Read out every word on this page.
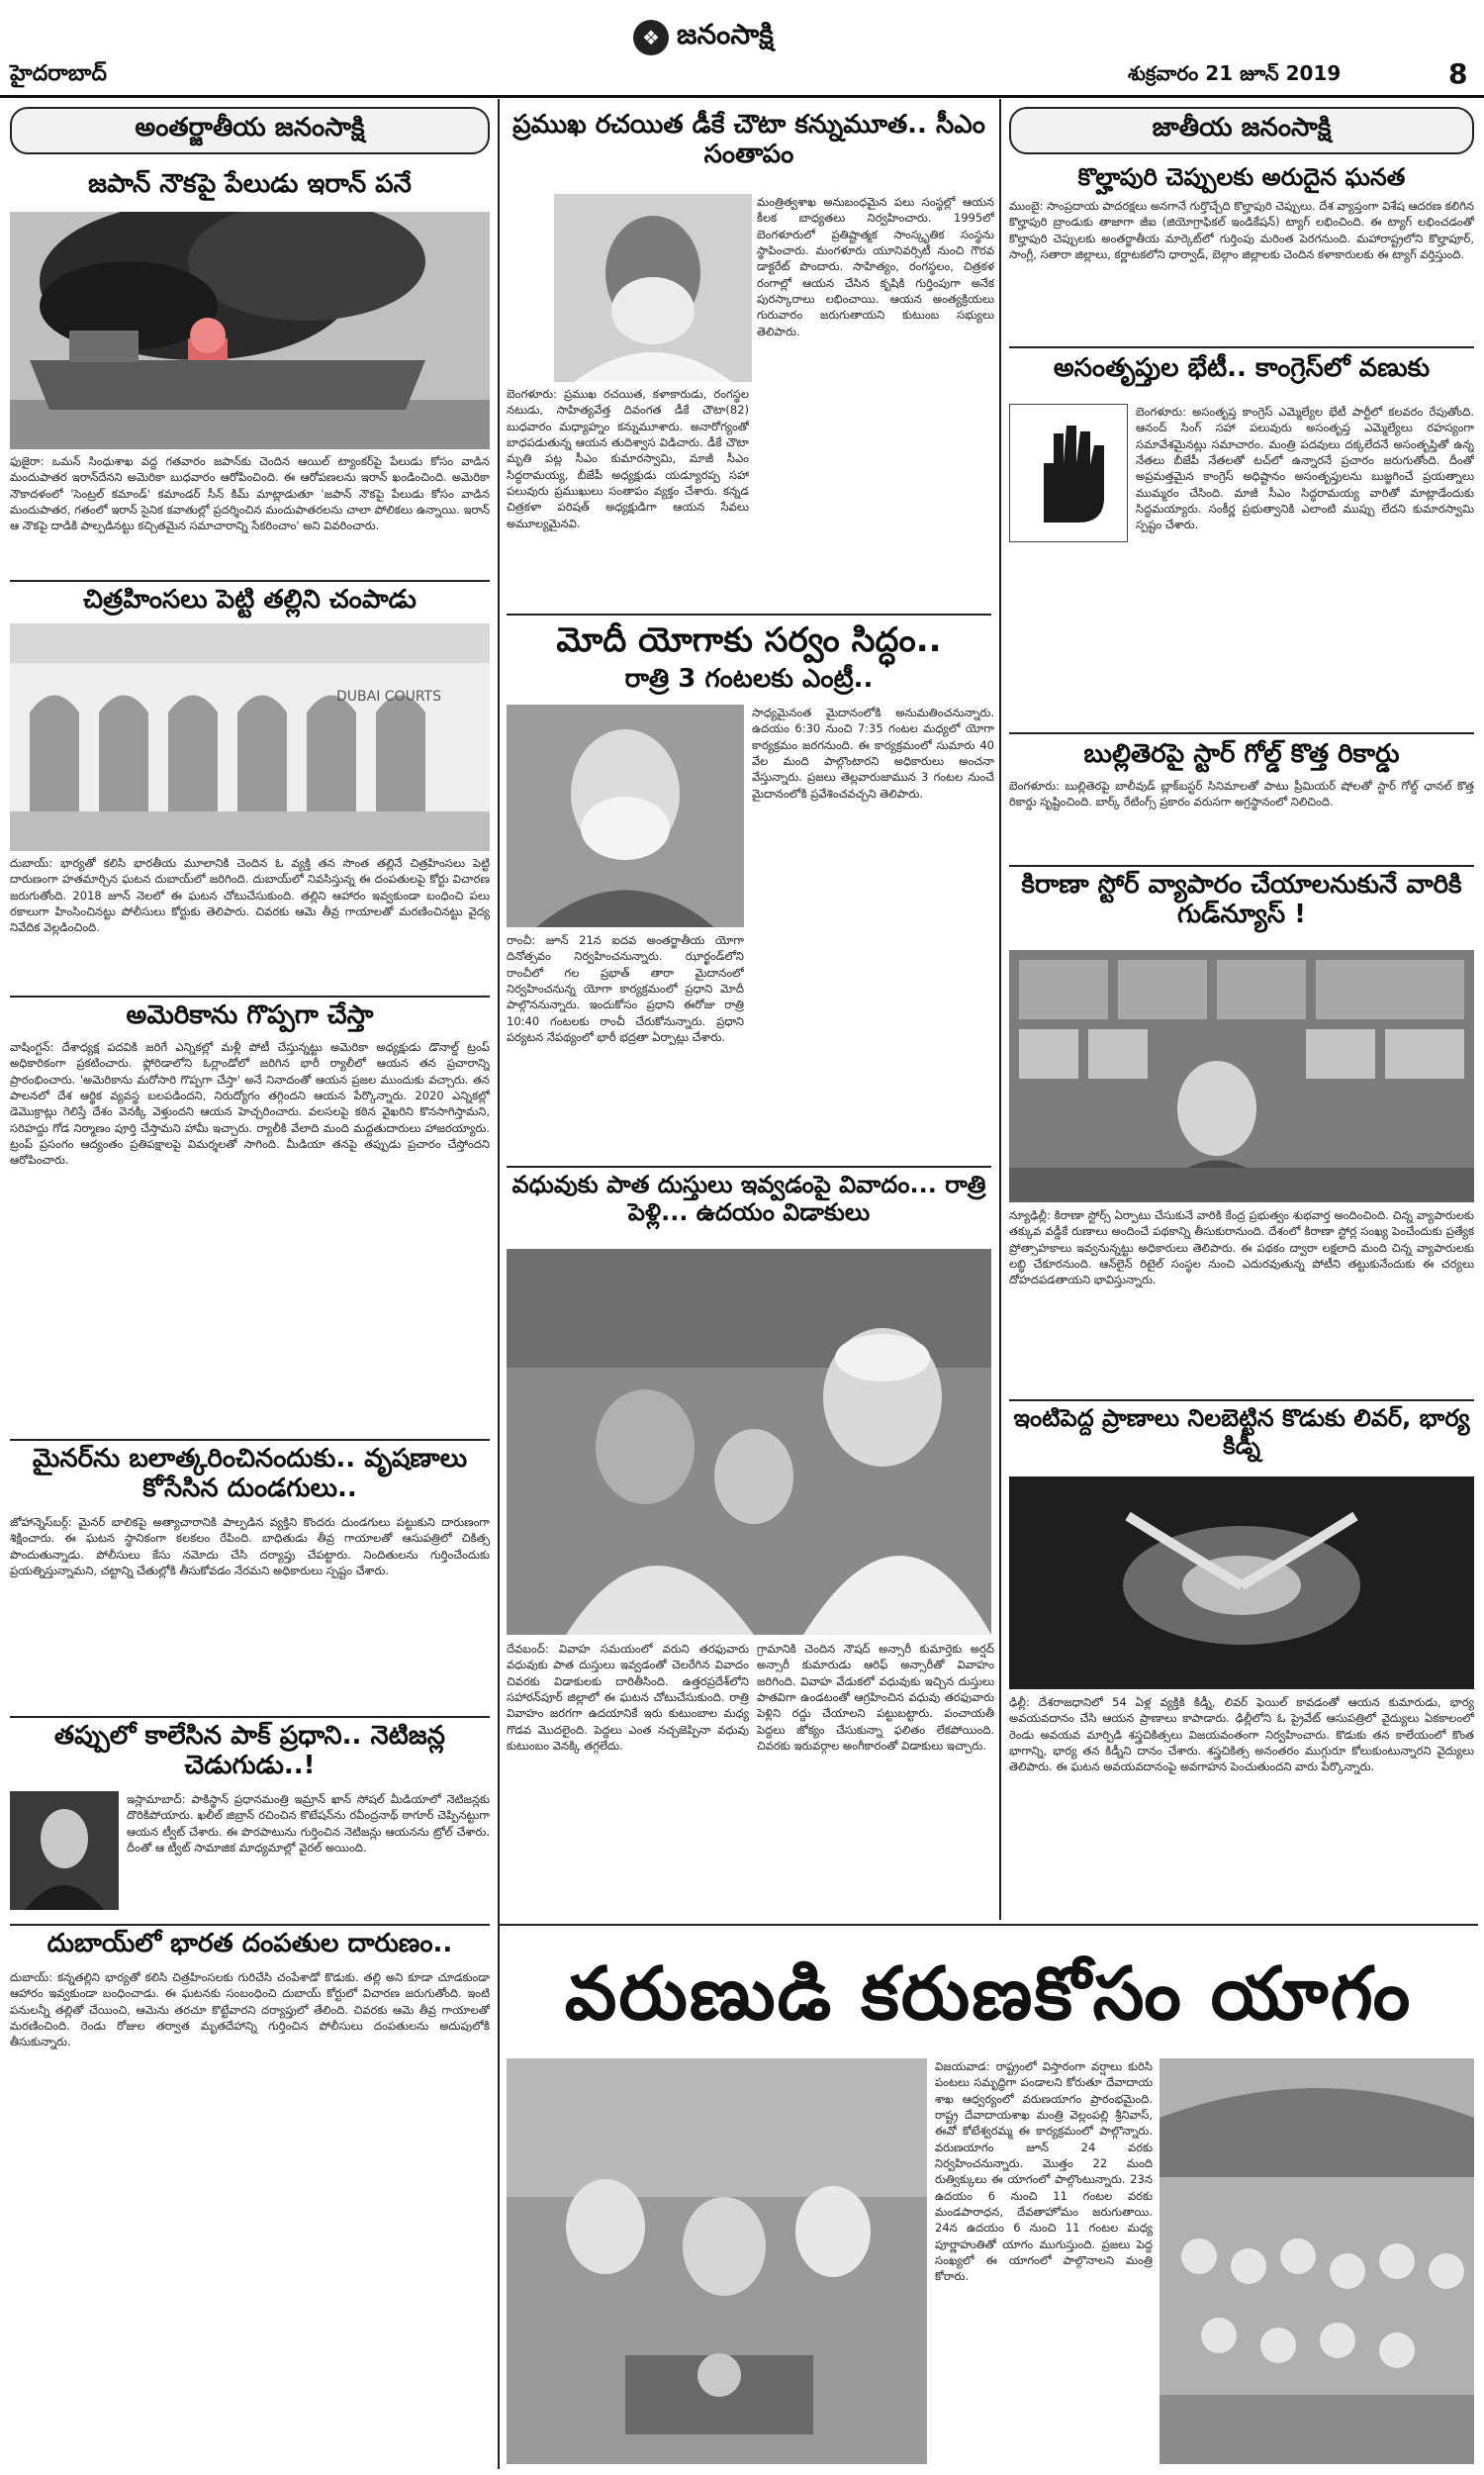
హైదరాబాద్
❖ జనంసాక్షి
శుక్రవారం 21 జూన్ 2019	8
అంతర్జాతీయ జనంసాక్షి
జపాన్ నౌకపై పేలుడు ఇరాన్ పనే
ఫుజైరా: ఒమన్ సింధుశాఖ వద్ద గతవారం జపాన్‌కు చెందిన ఆయిల్ ట్యాంకర్‌పై పేలుడు కోసం వాడిన మందుపాతర ఇరాన్‌దేనని అమెరికా బుధవారం ఆరోపించింది. ఈ ఆరోపణలను ఇరాన్ ఖండించింది. అమెరికా నౌకాదళంలో 'సెంట్రల్ కమాండ్' కమాండర్ సీన్ కిమ్ మాట్లాడుతూ 'జపాన్ నౌకపై పేలుడు కోసం వాడిన మందుపాతర, గతంలో ఇరాన్ సైనిక కవాతుల్లో ప్రదర్శించిన మందుపాతరలను చాలా పోలికలు ఉన్నాయి. ఇరాన్ ఆ నౌకపై దాడికి పాల్పడినట్టు కచ్చితమైన సమాచారాన్ని సేకరించాం' అని వివరించారు.
చిత్రహింసలు పెట్టి తల్లిని చంపాడు
DUBAI COURTS
దుబాయ్: భార్యతో కలిసి భారతీయ మూలానికి చెందిన ఓ వ్యక్తి తన సొంత తల్లినే చిత్రహింసలు పెట్టి దారుణంగా హతమార్చిన ఘటన దుబాయ్‌లో జరిగింది. దుబాయ్‌లో నివసిస్తున్న ఈ దంపతులపై కోర్టు విచారణ జరుగుతోంది. 2018 జూన్ నెలలో ఈ ఘటన చోటుచేసుకుంది. తల్లిని ఆహారం ఇవ్వకుండా బంధించి పలు రకాలుగా హింసించినట్టు పోలీసులు కోర్టుకు తెలిపారు. చివరకు ఆమె తీవ్ర గాయాలతో మరణించినట్టు వైద్య నివేదిక వెల్లడించింది.
అమెరికాను గొప్పగా చేస్తా
వాషింగ్టన్: దేశాధ్యక్ష పదవికి జరిగే ఎన్నికల్లో మళ్లీ పోటీ చేస్తున్నట్టు అమెరికా అధ్యక్షుడు డొనాల్డ్ ట్రంప్ అధికారికంగా ప్రకటించారు. ఫ్లోరిడాలోని ఓర్లాండోలో జరిగిన భారీ ర్యాలీలో ఆయన తన ప్రచారాన్ని ప్రారంభించారు. 'అమెరికాను మరోసారి గొప్పగా చేస్తా' అనే నినాదంతో ఆయన ప్రజల ముందుకు వచ్చారు. తన పాలనలో దేశ ఆర్థిక వ్యవస్థ బలపడిందని, నిరుద్యోగం తగ్గిందని ఆయన పేర్కొన్నారు. 2020 ఎన్నికల్లో డెమొక్రాట్లు గెలిస్తే దేశం వెనక్కి వెళ్తుందని ఆయన హెచ్చరించారు. వలసలపై కఠిన వైఖరిని కొనసాగిస్తామని, సరిహద్దు గోడ నిర్మాణం పూర్తి చేస్తామని హామీ ఇచ్చారు. ర్యాలీకి వేలాది మంది మద్దతుదారులు హాజరయ్యారు. ట్రంప్ ప్రసంగం ఆద్యంతం ప్రతిపక్షాలపై విమర్శలతో సాగింది. మీడియా తనపై తప్పుడు ప్రచారం చేస్తోందని ఆరోపించారు.
మైనర్‌ను బలాత్కరించినందుకు.. వృషణాలు కోసేసిన దుండగులు..
జోహాన్నెస్‌బర్గ్: మైనర్ బాలికపై అత్యాచారానికి పాల్పడిన వ్యక్తిని కొందరు దుండగులు పట్టుకుని దారుణంగా శిక్షించారు. ఈ ఘటన స్థానికంగా కలకలం రేపింది. బాధితుడు తీవ్ర గాయాలతో ఆసుపత్రిలో చికిత్స పొందుతున్నాడు. పోలీసులు కేసు నమోదు చేసి దర్యాప్తు చేపట్టారు. నిందితులను గుర్తించేందుకు ప్రయత్నిస్తున్నామని, చట్టాన్ని చేతుల్లోకి తీసుకోవడం నేరమని అధికారులు స్పష్టం చేశారు.
తప్పులో కాలేసిన పాక్ ప్రధాని.. నెటిజన్ల చెడుగుడు..!
ఇస్లామాబాద్: పాకిస్థాన్ ప్రధానమంత్రి ఇమ్రాన్ ఖాన్ సోషల్ మీడియాలో నెటిజన్లకు దొరికిపోయారు. ఖలీల్ జిబ్రాన్ రచించిన కొటేషన్‌ను రవీంద్రనాథ్ ఠాగూర్ చెప్పినట్టుగా ఆయన ట్వీట్ చేశారు. ఈ పొరపాటును గుర్తించిన నెటిజన్లు ఆయనను ట్రోల్ చేశారు. దీంతో ఆ ట్వీట్ సామాజిక మాధ్యమాల్లో వైరల్ అయింది.
దుబాయ్‌లో భారత దంపతుల దారుణం..
దుబాయ్: కన్నతల్లిని భార్యతో కలిసి చిత్రహింసలకు గురిచేసి చంపేశాడో కొడుకు. తల్లి అని కూడా చూడకుండా ఆహారం ఇవ్వకుండా బంధించాడు. ఈ ఘటనకు సంబంధించి దుబాయ్ కోర్టులో విచారణ జరుగుతోంది. ఇంటి పనులన్నీ తల్లితో చేయించి, ఆమెను తరచూ కొట్టేవారని దర్యాప్తులో తేలింది. చివరకు ఆమె తీవ్ర గాయాలతో మరణించింది. రెండు రోజుల తర్వాత మృతదేహాన్ని గుర్తించిన పోలీసులు దంపతులను అదుపులోకి తీసుకున్నారు.
ప్రముఖ రచయిత డీకే చౌటా కన్నుమూత.. సీఎం సంతాపం
బెంగళూరు: ప్రముఖ రచయిత, కళాకారుడు, రంగస్థల నటుడు, సాహిత్యవేత్త దివంగత డీకే చౌటా(82) బుధవారం మధ్యాహ్నం కన్నుమూశారు. అనారోగ్యంతో బాధపడుతున్న ఆయన తుదిశ్వాస విడిచారు. డీకే చౌటా మృతి పట్ల సీఎం కుమారస్వామి, మాజీ సీఎం సిద్ధరామయ్య, బీజేపీ అధ్యక్షుడు యడ్యూరప్ప సహా పలువురు ప్రముఖులు సంతాపం వ్యక్తం చేశారు. కన్నడ చిత్రకళా పరిషత్ అధ్యక్షుడిగా ఆయన సేవలు అమూల్యమైనవి.
మంత్రిత్వశాఖ అనుబంధమైన పలు సంస్థల్లో ఆయన కీలక బాధ్యతలు నిర్వహించారు. 1995లో బెంగళూరులో ప్రతిష్టాత్మక సాంస్కృతిక సంస్థను స్థాపించారు. మంగళూరు యూనివర్సిటీ నుంచి గౌరవ డాక్టరేట్ పొందారు. సాహిత్యం, రంగస్థలం, చిత్రకళ రంగాల్లో ఆయన చేసిన కృషికి గుర్తింపుగా అనేక పురస్కారాలు లభించాయి. ఆయన అంత్యక్రియలు గురువారం జరుగుతాయని కుటుంబ సభ్యులు తెలిపారు.
మోదీ యోగాకు సర్వం సిద్ధం..
రాత్రి 3 గంటలకు ఎంట్రీ..
రాంచీ: జూన్ 21న ఐదవ అంతర్జాతీయ యోగా దినోత్సవం నిర్వహించనున్నారు. ఝార్ఖండ్‌లోని రాంచీలో గల ప్రభాత్ తారా మైదానంలో నిర్వహించనున్న యోగా కార్యక్రమంలో ప్రధాని మోదీ పాల్గొననున్నారు. ఇందుకోసం ప్రధాని ఈరోజు రాత్రి 10:40 గంటలకు రాంచీ చేరుకోనున్నారు. ప్రధాని పర్యటన నేపథ్యంలో భారీ భద్రతా ఏర్పాట్లు చేశారు.
సాధ్యమైనంత మైదానంలోకి అనుమతించనున్నారు. ఉదయం 6:30 నుంచి 7:35 గంటల మధ్యలో యోగా కార్యక్రమం జరగనుంది. ఈ కార్యక్రమంలో సుమారు 40 వేల మంది పాల్గొంటారని అధికారులు అంచనా వేస్తున్నారు. ప్రజలు తెల్లవారుజామున 3 గంటల నుంచే మైదానంలోకి ప్రవేశించవచ్చని తెలిపారు.
వధువుకు పాత దుస్తులు ఇవ్వడంపై వివాదం... రాత్రి పెళ్లి... ఉదయం విడాకులు
దేవబంద్: వివాహ సమయంలో వరుని తరఫువారు వధువుకు పాత దుస్తులు ఇవ్వడంతో చెలరేగిన వివాదం చివరకు విడాకులకు దారితీసింది. ఉత్తరప్రదేశ్‌లోని సహారన్‌పూర్ జిల్లాలో ఈ ఘటన చోటుచేసుకుంది. రాత్రి వివాహం జరగగా ఉదయానికే ఇరు కుటుంబాల మధ్య గొడవ మొదలైంది. పెద్దలు ఎంత నచ్చజెప్పినా వధువు కుటుంబం వెనక్కి తగ్గలేదు.
గ్రామానికి చెందిన నౌషద్ అన్సారీ కుమార్తెకు అర్షద్ అన్సారీ కుమారుడు ఆరిఫ్ అన్సారీతో వివాహం జరిగింది. వివాహ వేడుకలో వధువుకు ఇచ్చిన దుస్తులు పాతవిగా ఉండటంతో ఆగ్రహించిన వధువు తరఫువారు పెళ్లిని రద్దు చేయాలని పట్టుబట్టారు. పంచాయతీ పెద్దలు జోక్యం చేసుకున్నా ఫలితం లేకపోయింది. చివరకు ఇరువర్గాల అంగీకారంతో విడాకులు ఇచ్చారు.
జాతీయ జనంసాక్షి
కొల్హాపురి చెప్పులకు అరుదైన ఘనత
ముంబై: సాంప్రదాయ పాదరక్షలు అనగానే గుర్తొచ్చేది కొల్హాపురి చెప్పులు. దేశ వ్యాప్తంగా విశేష ఆదరణ కలిగిన కొల్హాపురి బ్రాండుకు తాజాగా జీఐ (జియోగ్రాఫికల్ ఇండికేషన్) ట్యాగ్ లభించింది. ఈ ట్యాగ్ లభించడంతో కొల్హాపురి చెప్పులకు అంతర్జాతీయ మార్కెట్‌లో గుర్తింపు మరింత పెరగనుంది. మహారాష్ట్రలోని కొల్హాపూర్, సాంగ్లీ, సతారా జిల్లాలు, కర్ణాటకలోని ధార్వాడ్, బెల్గాం జిల్లాలకు చెందిన కళాకారులకు ఈ ట్యాగ్ వర్తిస్తుంది.
అసంతృప్తుల భేటీ.. కాంగ్రెస్‌లో వణుకు
బెంగళూరు: అసంతృప్త కాంగ్రెస్ ఎమ్మెల్యేల భేటీ పార్టీలో కలవరం రేపుతోంది. ఆనంద్ సింగ్ సహా పలువురు అసంతృప్త ఎమ్మెల్యేలు రహస్యంగా సమావేశమైనట్లు సమాచారం. మంత్రి పదవులు దక్కలేదనే అసంతృప్తితో ఉన్న నేతలు బీజేపీ నేతలతో టచ్‌లో ఉన్నారనే ప్రచారం జరుగుతోంది. దీంతో అప్రమత్తమైన కాంగ్రెస్ అధిష్టానం అసంతృప్తులను బుజ్జగించే ప్రయత్నాలు ముమ్మరం చేసింది. మాజీ సీఎం సిద్ధరామయ్య వారితో మాట్లాడేందుకు సిద్ధమయ్యారు. సంకీర్ణ ప్రభుత్వానికి ఎలాంటి ముప్పు లేదని కుమారస్వామి స్పష్టం చేశారు.
బుల్లితెరపై స్టార్ గోల్డ్ కొత్త రికార్డు
బెంగళూరు: బుల్లితెరపై బాలీవుడ్ బ్లాక్‌బస్టర్ సినిమాలతో పాటు ప్రీమియర్ షోలతో స్టార్ గోల్డ్ ఛానల్ కొత్త రికార్డు సృష్టించింది. బార్క్ రేటింగ్స్ ప్రకారం వరుసగా అగ్రస్థానంలో నిలిచింది.
కిరాణా స్టోర్ వ్యాపారం చేయాలనుకునే వారికి గుడ్‌న్యూస్ !
న్యూఢిల్లీ: కిరాణా స్టోర్స్ ఏర్పాటు చేసుకునే వారికి కేంద్ర ప్రభుత్వం శుభవార్త అందించింది. చిన్న వ్యాపారులకు తక్కువ వడ్డీకే రుణాలు అందించే పథకాన్ని తీసుకురానుంది. దేశంలో కిరాణా స్టోర్ల సంఖ్య పెంచేందుకు ప్రత్యేక ప్రోత్సాహకాలు ఇవ్వనున్నట్టు అధికారులు తెలిపారు. ఈ పథకం ద్వారా లక్షలాది మంది చిన్న వ్యాపారులకు లబ్ధి చేకూరనుంది. ఆన్‌లైన్ రిటైల్ సంస్థల నుంచి ఎదురవుతున్న పోటీని తట్టుకునేందుకు ఈ చర్యలు దోహదపడతాయని భావిస్తున్నారు.
ఇంటిపెద్ద ప్రాణాలు నిలబెట్టిన కొడుకు లివర్, భార్య కిడ్నీ
ఢిల్లీ: దేశరాజధానిలో 54 ఏళ్ల వ్యక్తికి కిడ్నీ, లివర్ ఫెయిల్ కావడంతో ఆయన కుమారుడు, భార్య అవయవదానం చేసి ఆయన ప్రాణాలు కాపాడారు. ఢిల్లీలోని ఓ ప్రైవేట్ ఆసుపత్రిలో వైద్యులు ఏకకాలంలో రెండు అవయవ మార్పిడి శస్త్రచికిత్సలు విజయవంతంగా నిర్వహించారు. కొడుకు తన కాలేయంలో కొంత భాగాన్ని, భార్య తన కిడ్నీని దానం చేశారు. శస్త్రచికిత్స అనంతరం ముగ్గురూ కోలుకుంటున్నారని వైద్యులు తెలిపారు. ఈ ఘటన అవయవదానంపై అవగాహన పెంచుతుందని వారు పేర్కొన్నారు.
వరుణుడి కరుణకోసం యాగం
విజయవాడ: రాష్ట్రంలో విస్తారంగా వర్షాలు కురిసి పంటలు సమృద్ధిగా పండాలని కోరుతూ దేవాదాయ శాఖ ఆధ్వర్యంలో వరుణయాగం ప్రారంభమైంది. రాష్ట్ర దేవాదాయశాఖ మంత్రి వెల్లంపల్లి శ్రీనివాస్, ఈవో కోటేశ్వరమ్మ ఈ కార్యక్రమంలో పాల్గొన్నారు. వరుణయాగం జూన్ 24 వరకు నిర్వహించనున్నారు. మొత్తం 22 మంది రుత్విక్కులు ఈ యాగంలో పాల్గొంటున్నారు. 23న ఉదయం 6 నుంచి 11 గంటల వరకు మండపారాధన, దేవతాహోమం జరుగుతాయి. 24న ఉదయం 6 నుంచి 11 గంటల మధ్య పూర్ణాహుతితో యాగం ముగుస్తుంది. ప్రజలు పెద్ద సంఖ్యలో ఈ యాగంలో పాల్గొనాలని మంత్రి కోరారు.
